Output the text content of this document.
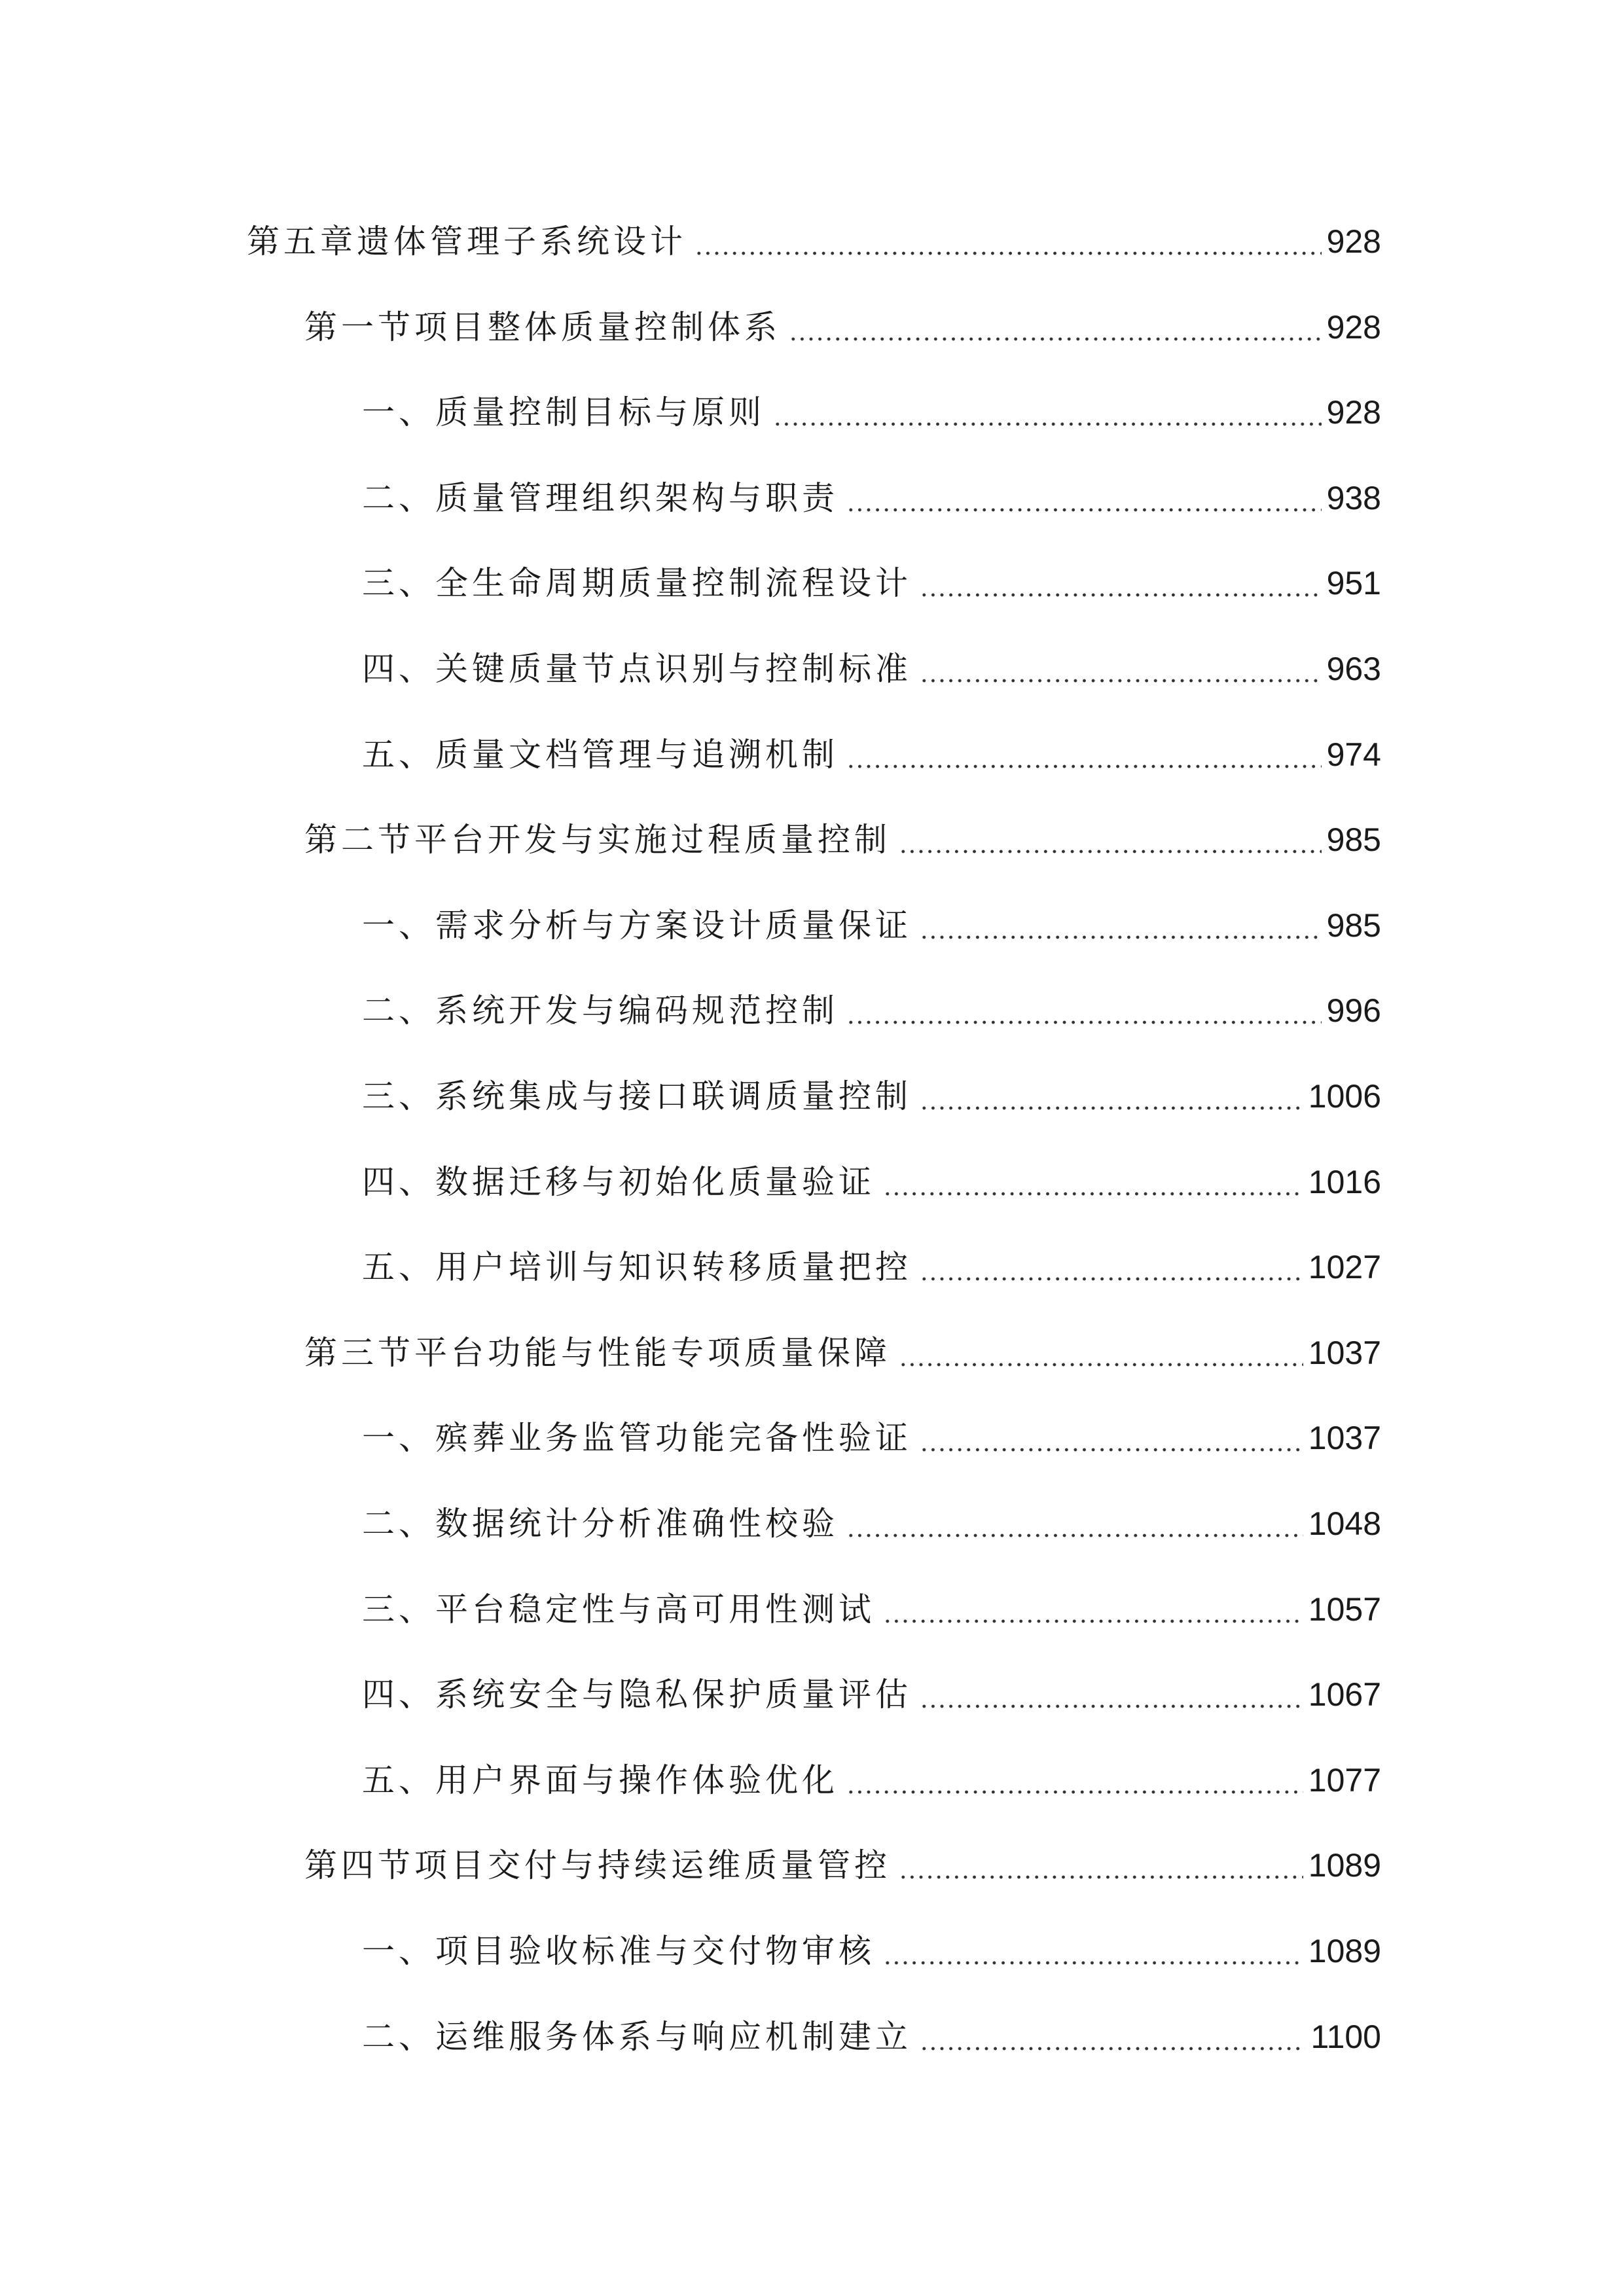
第五章遗体管理子系统设计	928
第一节项目整体质量控制体系	928
一、质量控制目标与原则	928
二、质量管理组织架构与职责	938
三、全生命周期质量控制流程设计	951
四、关键质量节点识别与控制标准	963
五、质量文档管理与追溯机制	974
第二节平台开发与实施过程质量控制	985
一、需求分析与方案设计质量保证	985
二、系统开发与编码规范控制	996
三、系统集成与接口联调质量控制	1006
四、数据迁移与初始化质量验证	1016
五、用户培训与知识转移质量把控	1027
第三节平台功能与性能专项质量保障	1037
一、殡葬业务监管功能完备性验证	1037
二、数据统计分析准确性校验	1048
三、平台稳定性与高可用性测试	1057
四、系统安全与隐私保护质量评估	1067
五、用户界面与操作体验优化	1077
第四节项目交付与持续运维质量管控	1089
一、项目验收标准与交付物审核	1089
二、运维服务体系与响应机制建立	1100
